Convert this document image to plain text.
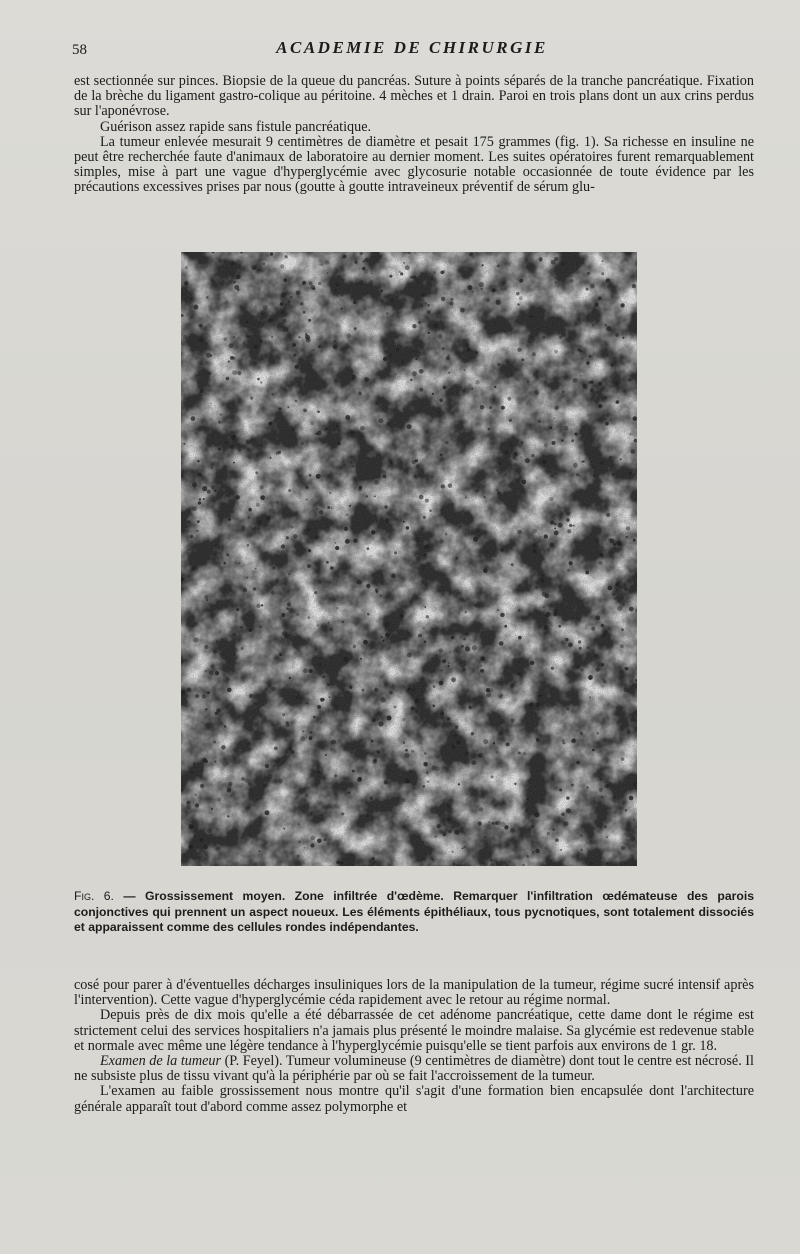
58	ACADEMIE DE CHIRURGIE

est sectionnée sur pinces. Biopsie de la queue du pancréas. Suture à points séparés de la tranche pancréatique. Fixation de la brèche du ligament gastro-colique au péritoine. 4 mèches et 1 drain. Paroi en trois plans dont un aux crins perdus sur l'aponévrose.

Guérison assez rapide sans fistule pancréatique.

La tumeur enlevée mesurait 9 centimètres de diamètre et pesait 175 grammes (fig. 1). Sa richesse en insuline ne peut être recherchée faute d'animaux de laboratoire au dernier moment. Les suites opératoires furent remarquablement simples, mise à part une vague d'hyperglycémie avec glycosurie notable occasionnée de toute évidence par les précautions excessives prises par nous (goutte à goutte intraveineux préventif de sérum glu-

Fig. 6. — Grossissement moyen. Zone infiltrée d'œdème. Remarquer l'infiltration œdémateuse des parois conjonctives qui prennent un aspect noueux. Les éléments épithéliaux, tous pycnotiques, sont totalement dissociés et apparaissent comme des cellules rondes indépendantes.

cosé pour parer à d'éventuelles décharges insuliniques lors de la manipulation de la tumeur, régime sucré intensif après l'intervention). Cette vague d'hyperglycémie céda rapidement avec le retour au régime normal.

Depuis près de dix mois qu'elle a été débarrassée de cet adénome pancréatique, cette dame dont le régime est strictement celui des services hospitaliers n'a jamais plus présenté le moindre malaise. Sa glycémie est redevenue stable et normale avec même une légère tendance à l'hyperglycémie puisqu'elle se tient parfois aux environs de 1 gr. 18.

Examen de la tumeur (P. Feyel). Tumeur volumineuse (9 centimètres de diamètre) dont tout le centre est nécrosé. Il ne subsiste plus de tissu vivant qu'à la périphérie par où se fait l'accroissement de la tumeur.

L'examen au faible grossissement nous montre qu'il s'agit d'une formation bien encapsulée dont l'architecture générale apparaît tout d'abord comme assez polymorphe et
